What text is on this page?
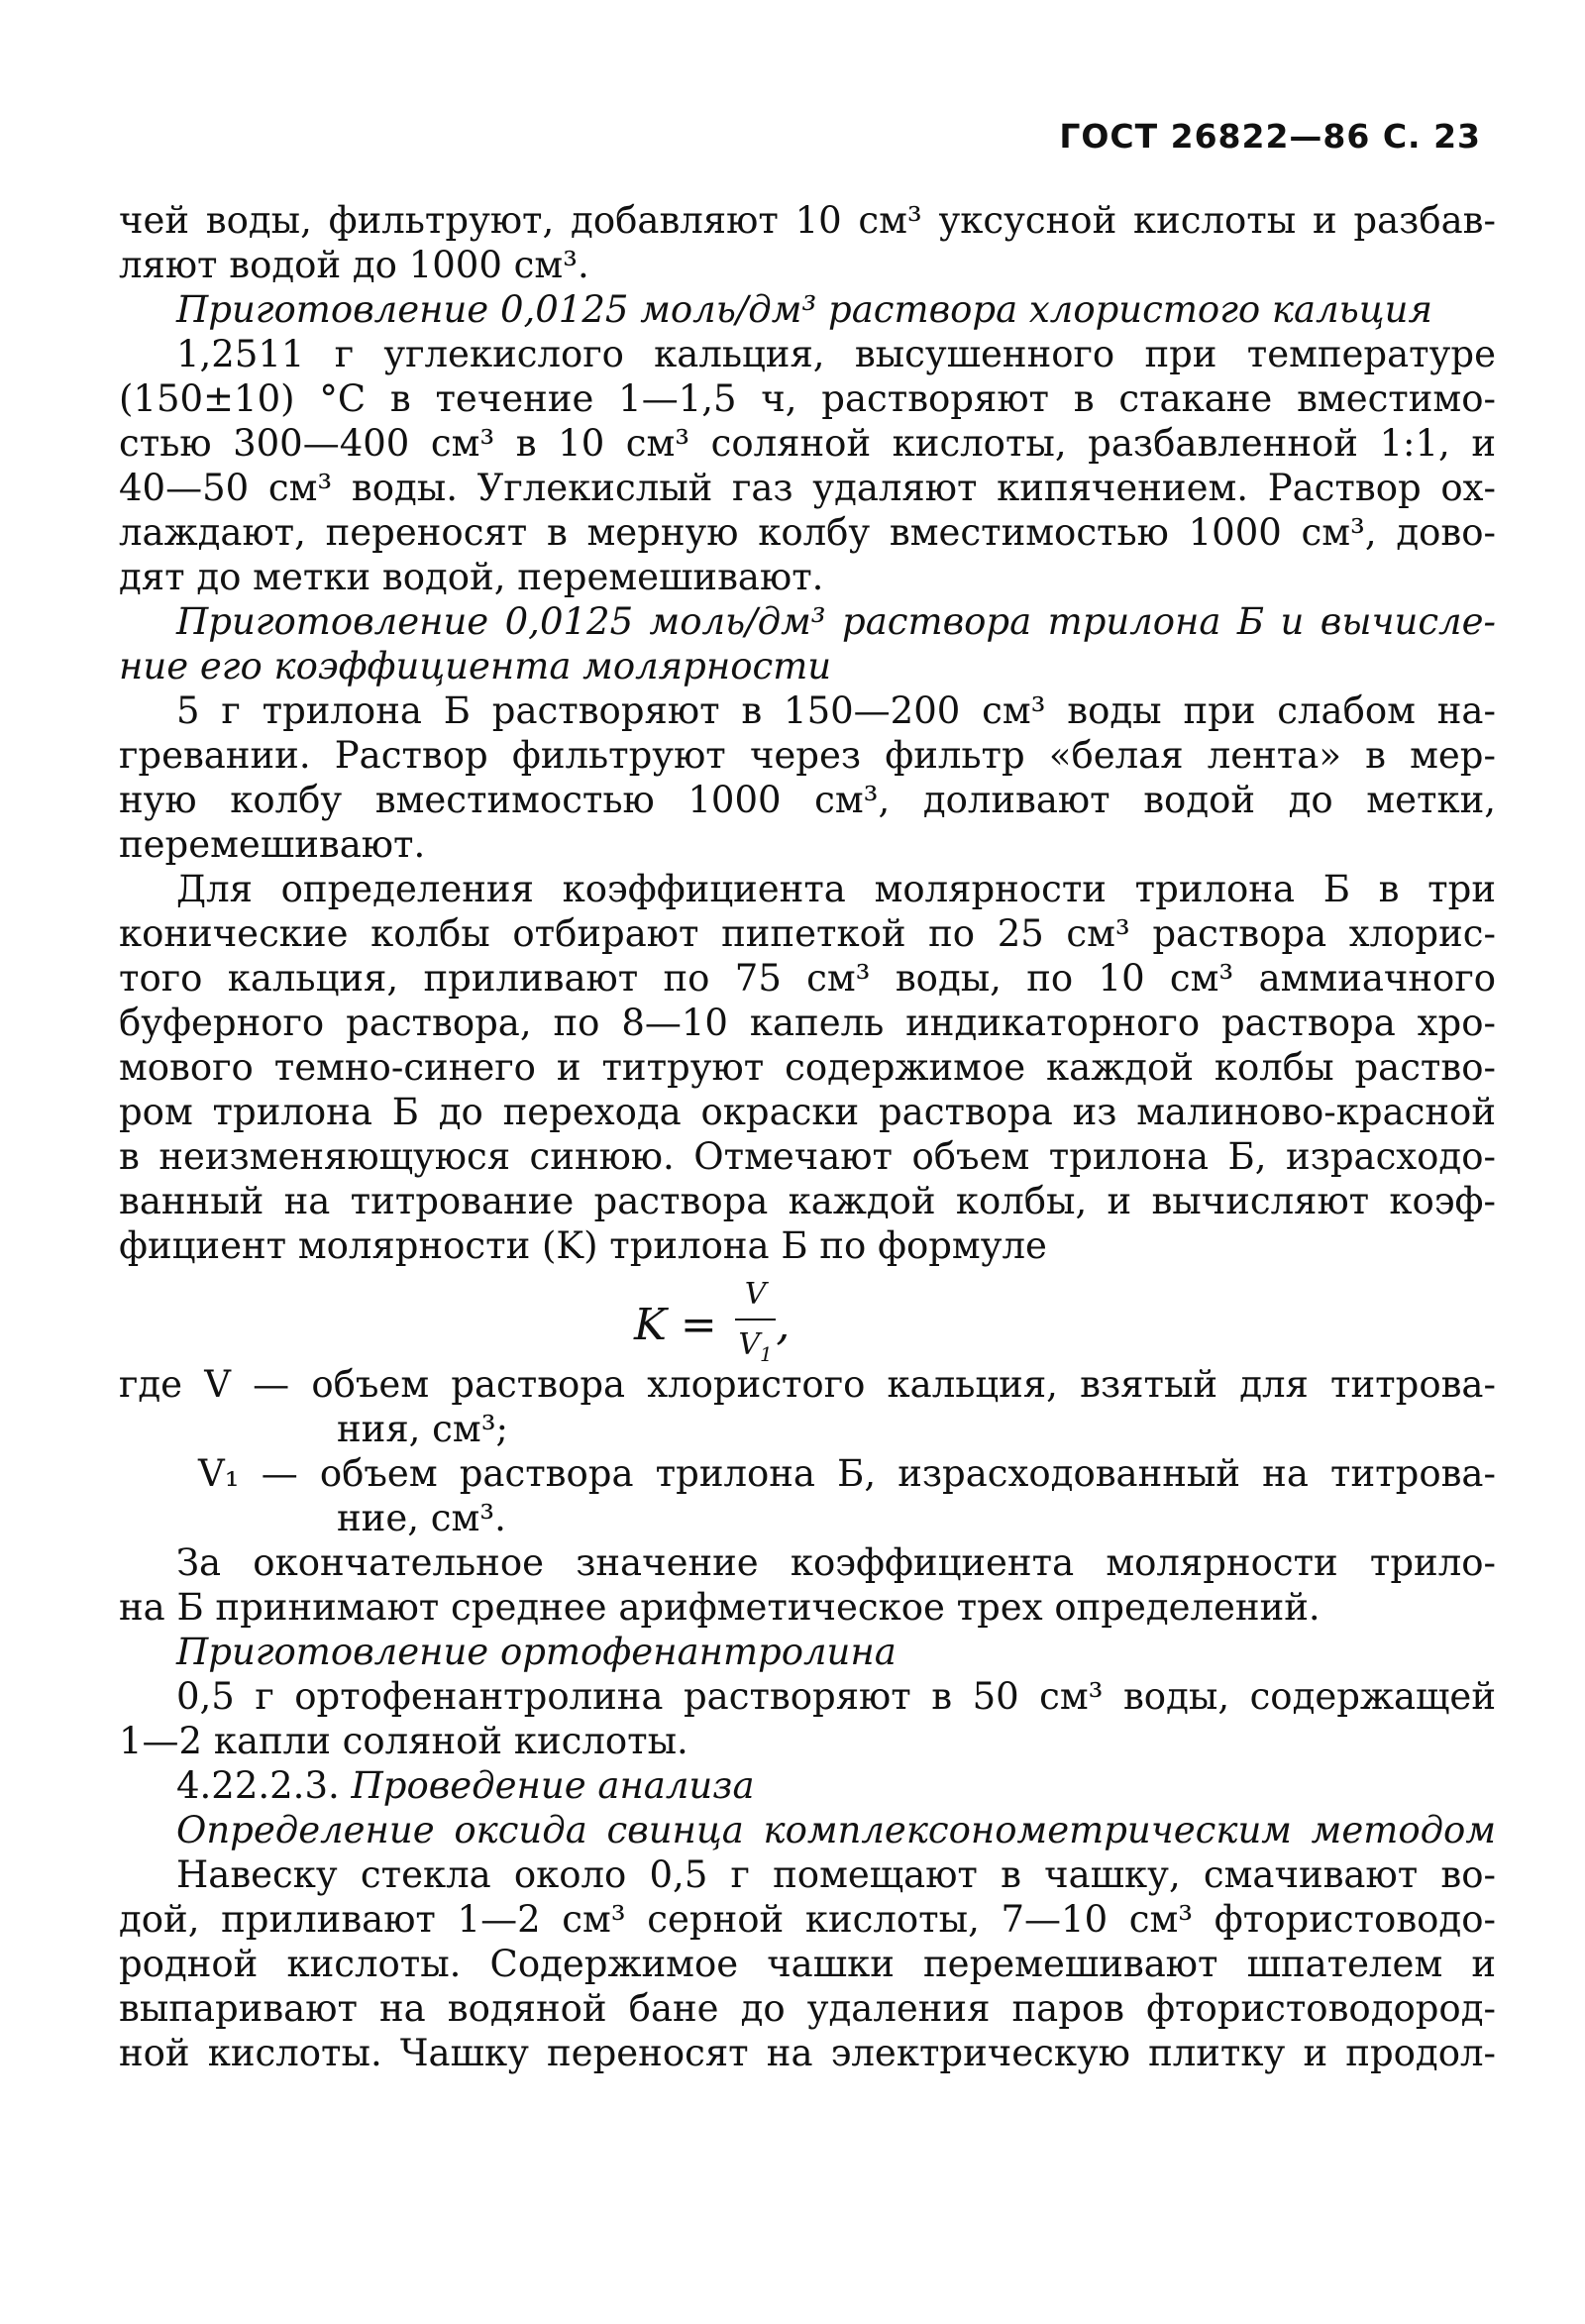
ГОСТ 26822—86 С. 23
чей воды, фильтруют, добавляют 10 см³ уксусной кислоты и разбав-
ляют водой до 1000 см³.
Приготовление 0,0125 моль/дм³ раствора хлористого кальция
1,2511 г углекислого кальция, высушенного при температуре
(150±10) °С в течение 1—1,5 ч, растворяют в стакане вместимо-
стью 300—400 см³ в 10 см³ соляной кислоты, разбавленной 1:1, и
40—50 см³ воды. Углекислый газ удаляют кипячением. Раствор ох-
лаждают, переносят в мерную колбу вместимостью 1000 см³, дово-
дят до метки водой, перемешивают.
Приготовление 0,0125 моль/дм³ раствора трилона Б и вычисле-
ние его коэффициента молярности
5 г трилона Б растворяют в 150—200 см³ воды при слабом на-
гревании. Раствор фильтруют через фильтр «белая лента» в мер-
ную колбу вместимостью 1000 см³, доливают водой до метки,
перемешивают.
Для определения коэффициента молярности трилона Б в три
конические колбы отбирают пипеткой по 25 см³ раствора хлорис-
того кальция, приливают по 75 см³ воды, по 10 см³ аммиачного
буферного раствора, по 8—10 капель индикаторного раствора хро-
мового темно-синего и титруют содержимое каждой колбы раство-
ром трилона Б до перехода окраски раствора из малиново-красной
в неизменяющуюся синюю. Отмечают объем трилона Б, израсходо-
ванный на титрование раствора каждой колбы, и вычисляют коэф-
фициент молярности (K) трилона Б по формуле
$K = \frac{V}{V_1}$ ,
где V — объем раствора хлористого кальция, взятый для титрова-
ния, см³;
V₁ — объем раствора трилона Б, израсходованный на титрова-
ние, см³.
За окончательное значение коэффициента молярности трило-
на Б принимают среднее арифметическое трех определений.
Приготовление ортофенантролина
0,5 г ортофенантролина растворяют в 50 см³ воды, содержащей
1—2 капли соляной кислоты.
4.22.2.3. Проведение анализа
Определение оксида свинца комплексонометрическим методом
Навеску стекла около 0,5 г помещают в чашку, смачивают во-
дой, приливают 1—2 см³ серной кислоты, 7—10 см³ фтористоводо-
родной кислоты. Содержимое чашки перемешивают шпателем и
выпаривают на водяной бане до удаления паров фтористоводород-
ной кислоты. Чашку переносят на электрическую плитку и продол-
